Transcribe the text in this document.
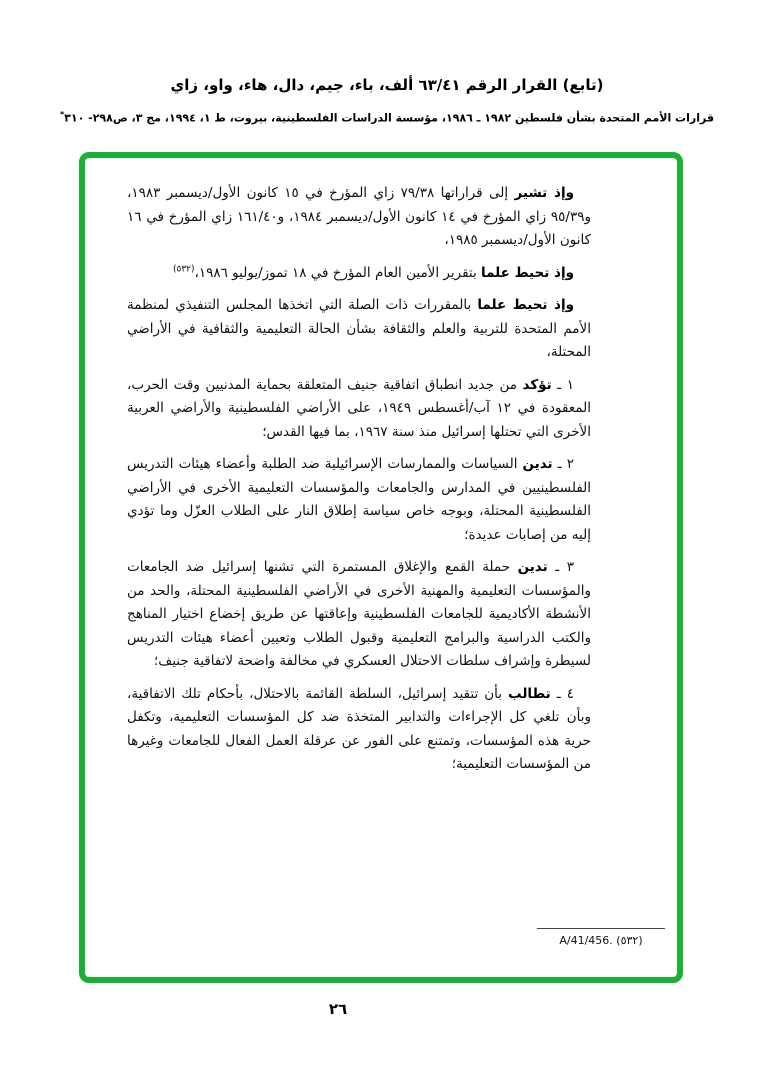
(تابع) القرار الرقم ٦٣/٤١ ألف، باء، جيم، دال، هاء، واو، زاي
قرارات الأمم المتحدة بشأن فلسطين ١٩٨٢ ـ ١٩٨٦، مؤسسة الدراسات الفلسطينية، بيروت، ط ١، ١٩٩٤، مج ٣، ص٢٩٨- ٣١٠*

وإذ تشير إلى قراراتها ٧٩/٣٨ زاي المؤرخ في ١٥ كانون الأول/ديسمبر ١٩٨٣، و٩٥/٣٩ زاي المؤرخ في ١٤ كانون الأول/ديسمبر ١٩٨٤، و١٦١/٤٠ زاي المؤرخ في ١٦ كانون الأول/ديسمبر ١٩٨٥،

وإذ تحيط علما بتقرير الأمين العام المؤرخ في ١٨ تموز/يوليو ١٩٨٦،$^{(٥٣٢)}$

وإذ تحيط علما بالمقررات ذات الصلة التي اتخذها المجلس التنفيذي لمنظمة الأمم المتحدة للتربية والعلم والثقافة بشأن الحالة التعليمية والثقافية في الأراضي المحتلة،

١ ـ تؤكد من جديد انطباق اتفاقية جنيف المتعلقة بحماية المدنيين وقت الحرب، المعقودة في ١٢ آب/أغسطس ١٩٤٩، على الأراضي الفلسطينية والأراضي العربية الأخرى التي تحتلها إسرائيل منذ سنة ١٩٦٧، بما فيها القدس؛

٢ ـ تدين السياسات والممارسات الإسرائيلية ضد الطلبة وأعضاء هيئات التدريس الفلسطينيين في المدارس والجامعات والمؤسسات التعليمية الأخرى في الأراضي الفلسطينية المحتلة، وبوجه خاص سياسة إطلاق النار على الطلاب العزّل وما تؤدي إليه من إصابات عديدة؛

٣ ـ تدين حملة القمع والإغلاق المستمرة التي تشنها إسرائيل ضد الجامعات والمؤسسات التعليمية والمهنية الأخرى في الأراضي الفلسطينية المحتلة، والحد من الأنشطة الأكاديمية للجامعات الفلسطينية وإعاقتها عن طريق إخضاع اختيار المناهج والكتب الدراسية والبرامج التعليمية وقبول الطلاب وتعيين أعضاء هيئات التدريس لسيطرة وإشراف سلطات الاحتلال العسكري في مخالفة واضحة لاتفاقية جنيف؛

٤ ـ تطالب بأن تتقيد إسرائيل، السلطة القائمة بالاحتلال، بأحكام تلك الاتفاقية، وبأن تلغي كل الإجراءات والتدابير المتخذة ضد كل المؤسسات التعليمية، وتكفل حرية هذه المؤسسات، وتمتنع على الفور عن عرقلة العمل الفعال للجامعات وغيرها من المؤسسات التعليمية؛

(٥٣٢) A/41/456.
٢٦
